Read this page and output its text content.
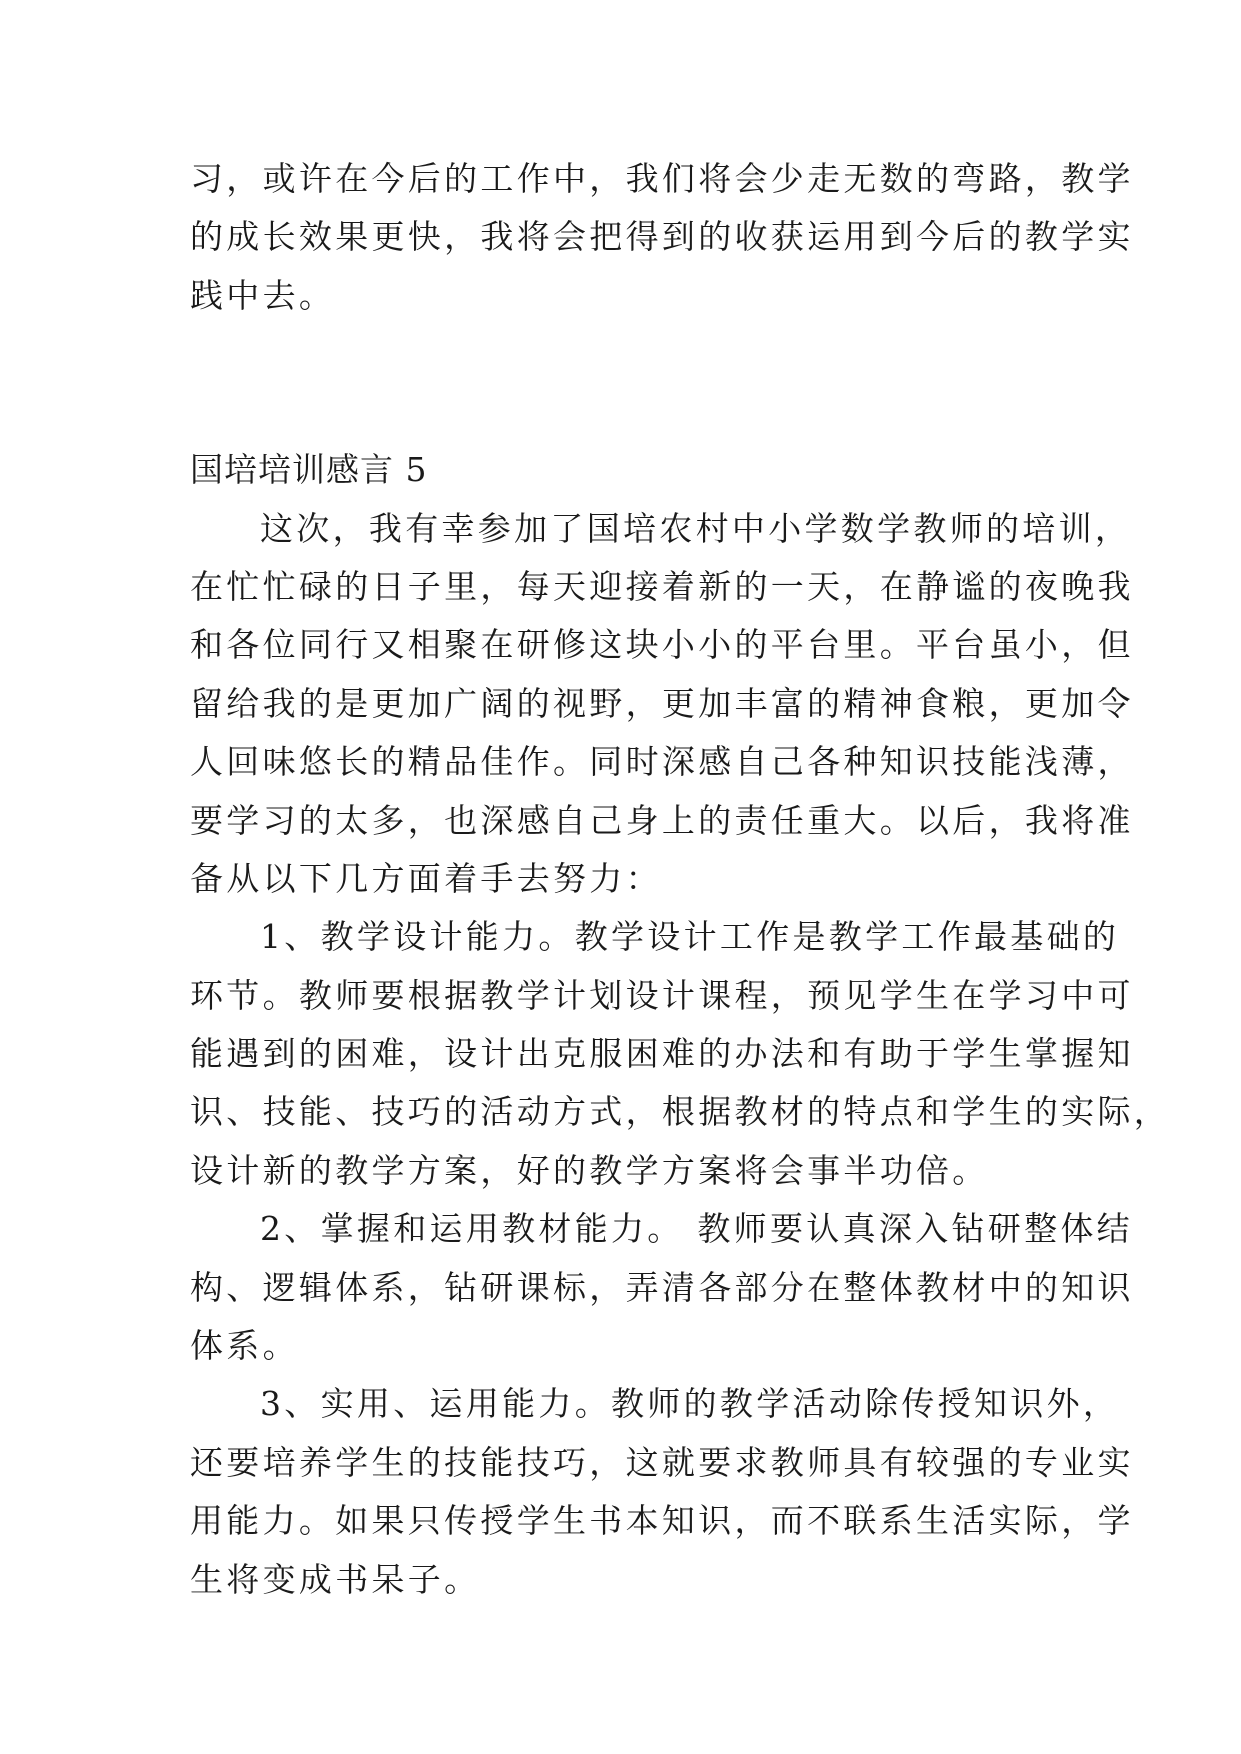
习，或许在今后的工作中，我们将会少走无数的弯路，教学
的成长效果更快，我将会把得到的收获运用到今后的教学实
践中去。
国培培训感言 5
这次，我有幸参加了国培农村中小学数学教师的培训，
在忙忙碌的日子里，每天迎接着新的一天，在静谧的夜晚我
和各位同行又相聚在研修这块小小的平台里。平台虽小，但
留给我的是更加广阔的视野，更加丰富的精神食粮，更加令
人回味悠长的精品佳作。同时深感自己各种知识技能浅薄，
要学习的太多，也深感自己身上的责任重大。以后，我将准
备从以下几方面着手去努力：
1、教学设计能力。教学设计工作是教学工作最基础的
环节。教师要根据教学计划设计课程，预见学生在学习中可
能遇到的困难，设计出克服困难的办法和有助于学生掌握知
识、技能、技巧的活动方式，根据教材的特点和学生的实际，
设计新的教学方案，好的教学方案将会事半功倍。
2、掌握和运用教材能力。 教师要认真深入钻研整体结
构、逻辑体系，钻研课标，弄清各部分在整体教材中的知识
体系。
3、实用、运用能力。教师的教学活动除传授知识外，
还要培养学生的技能技巧，这就要求教师具有较强的专业实
用能力。如果只传授学生书本知识，而不联系生活实际，学
生将变成书呆子。
